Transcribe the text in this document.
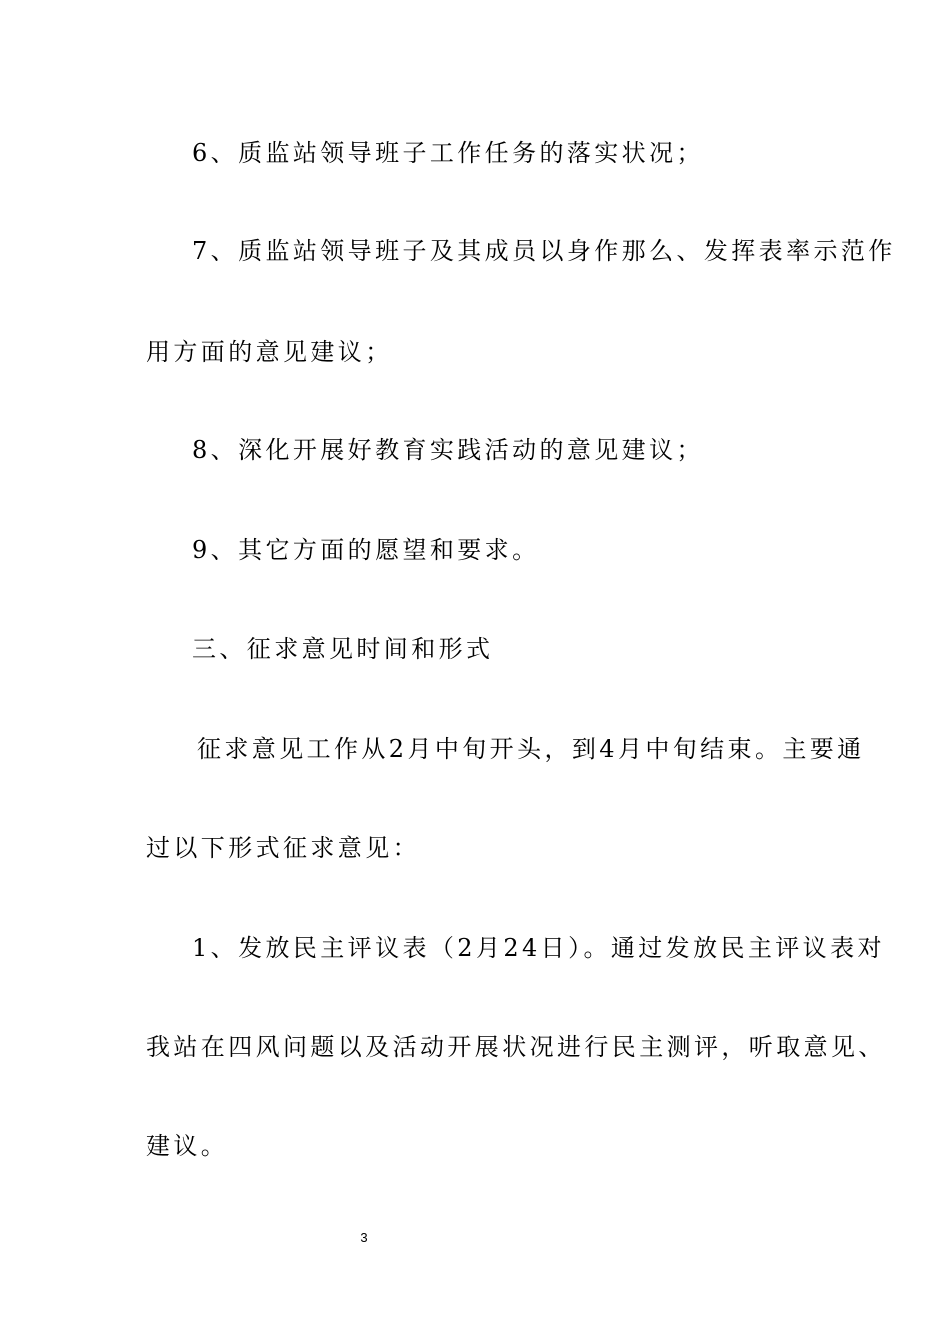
6、质监站领导班子工作任务的落实状况；
7、质监站领导班子及其成员以身作那么、发挥表率示范作
用方面的意见建议；
8、深化开展好教育实践活动的意见建议；
9、其它方面的愿望和要求。
三、征求意见时间和形式
征求意见工作从2月中旬开头，到4月中旬结束。主要通
过以下形式征求意见：
1、发放民主评议表（2月24日）。通过发放民主评议表对
我站在四风问题以及活动开展状况进行民主测评，听取意见、
建议。
3
